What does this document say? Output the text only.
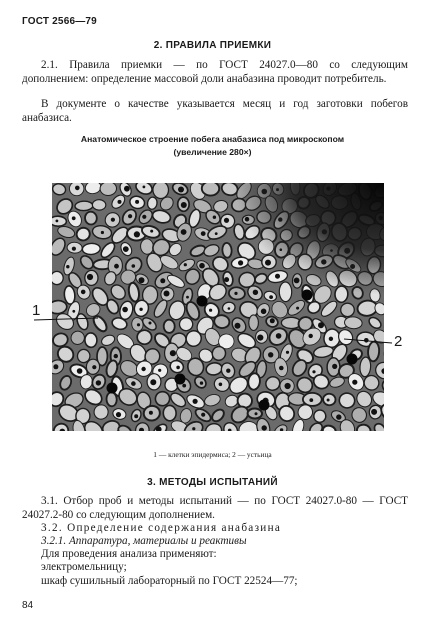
ГОСТ 2566—79
2. ПРАВИЛА ПРИЕМКИ
2.1. Правила приемки — по ГОСТ 24027.0—80 со следующим дополнением: определение массовой доли анабазина проводит потребитель.
В документе о качестве указывается месяц и год заготовки побегов анабазиса.
Анатомическое строение побега анабазиса под микроскопом
(увеличение 280×)
1
2
1 — клетки эпидермиса; 2 — устьица
3. МЕТОДЫ ИСПЫТАНИЙ
3.1. Отбор проб и методы испытаний — по ГОСТ 24027.0-80 — ГОСТ 24027.2-80 со следующим дополнением.
3.2. Определение содержания анабазина
3.2.1. Аппаратура, материалы и реактивы
Для проведения анализа применяют:
электромельницу;
шкаф сушильный лабораторный по ГОСТ 22524—77;
84
